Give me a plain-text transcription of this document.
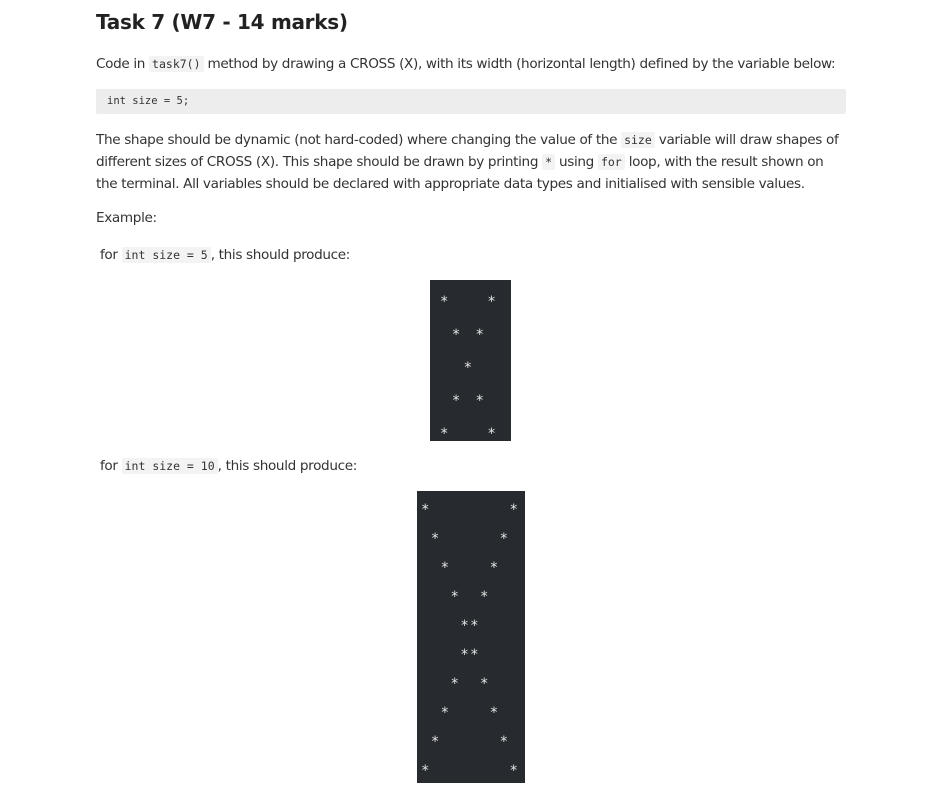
Task 7 (W7 - 14 marks)

Code in task7() method by drawing a CROSS (X), with its width (horizontal length) defined by the variable below:

int size = 5;

The shape should be dynamic (not hard-coded) where changing the value of the size variable will draw shapes of different sizes of CROSS (X). This shape should be drawn by printing * using for loop, with the result shown on the terminal. All variables should be declared with appropriate data types and initialised with sensible values.

Example:

for int size = 5 , this should produce:

*   *
* *
*
* *
*   *

for int size = 10 , this should produce:

*        *
*      *
*    *
*  *
**
**
*  *
*    *
*      *
*        *
